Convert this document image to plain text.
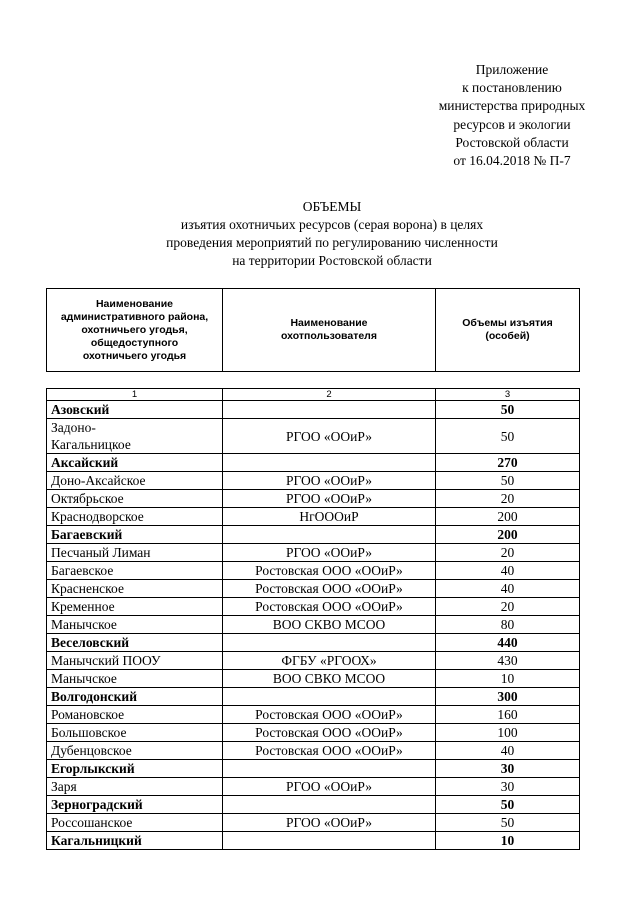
Приложение
к постановлению
министерства природных
ресурсов и экологии
Ростовской области
от 16.04.2018 № П-7
ОБЪЕМЫ
изъятия охотничьих ресурсов (серая ворона) в целях
проведения мероприятий по регулированию численности
на территории Ростовской области
Наименование
административного района,
охотничьего угодья,
общедоступного
охотничьего угодья

Наименование
охотпользователя

Объемы изъятия
(особей)
1	2	3
Азовский		50

Задоно-
Кагальницкое	РГОО «ООиР»	50
Аксайский		270
Доно-Аксайское	РГОО «ООиР»	50
Октябрьское	РГОО «ООиР»	20
Краснодворское	НгОООиР	200
Багаевский		200
Песчаный Лиман	РГОО «ООиР»	20
Багаевское	Ростовская ООО «ООиР»	40
Красненское	Ростовская ООО «ООиР»	40
Кременное	Ростовская ООО «ООиР»	20
Манычское	ВОО СКВО МСОО	80
Веселовский		440
Манычский ПООУ	ФГБУ «РГООХ»	430
Манычское	ВОО СВКО МСОО	10
Волгодонский		300
Романовское	Ростовская ООО «ООиР»	160
Большовское	Ростовская ООО «ООиР»	100
Дубенцовское	Ростовская ООО «ООиР»	40
Егорлыкский		30
Заря	РГОО «ООиР»	30
Зерноградский		50
Россошанское	РГОО «ООиР»	50
Кагальницкий		10
